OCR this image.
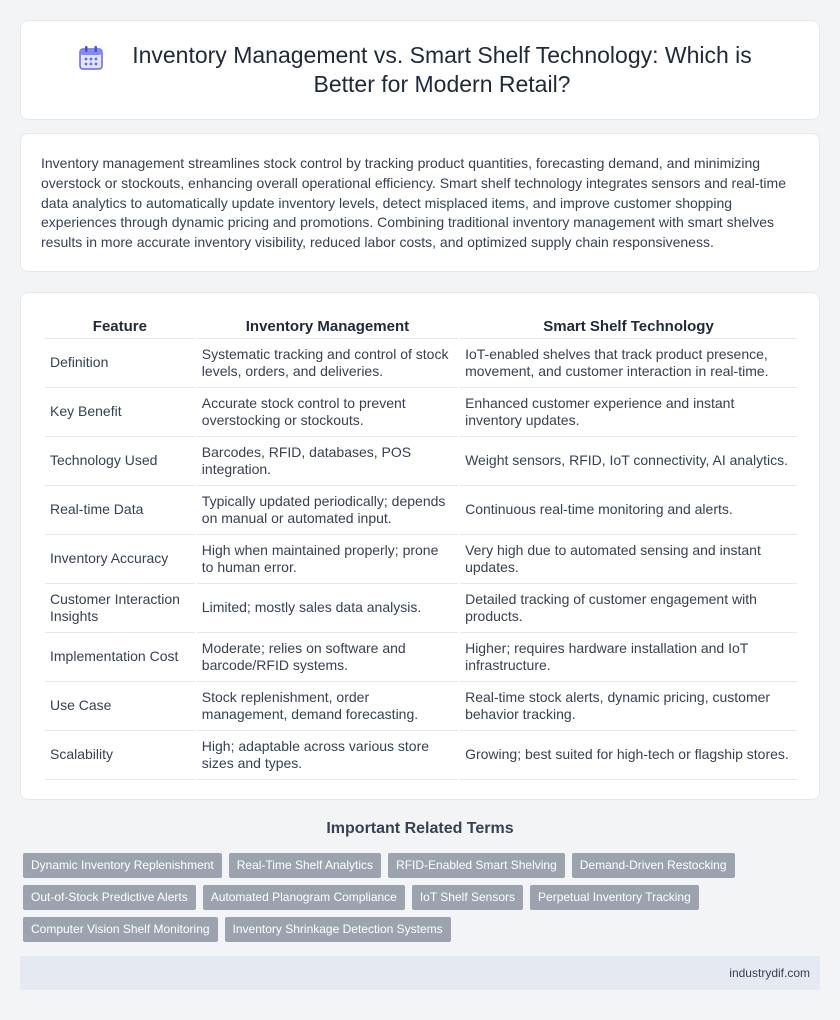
Inventory Management vs. Smart Shelf Technology: Which is Better for Modern Retail?

Inventory management streamlines stock control by tracking product quantities, forecasting demand, and minimizing overstock or stockouts, enhancing overall operational efficiency. Smart shelf technology integrates sensors and real-time data analytics to automatically update inventory levels, detect misplaced items, and improve customer shopping experiences through dynamic pricing and promotions. Combining traditional inventory management with smart shelves results in more accurate inventory visibility, reduced labor costs, and optimized supply chain responsiveness.

Feature	Inventory Management	Smart Shelf Technology
Definition	Systematic tracking and control of stock levels, orders, and deliveries.	IoT-enabled shelves that track product presence, movement, and customer interaction in real-time.
Key Benefit	Accurate stock control to prevent overstocking or stockouts.	Enhanced customer experience and instant inventory updates.
Technology Used	Barcodes, RFID, databases, POS integration.	Weight sensors, RFID, IoT connectivity, AI analytics.
Real-time Data	Typically updated periodically; depends on manual or automated input.	Continuous real-time monitoring and alerts.
Inventory Accuracy	High when maintained properly; prone to human error.	Very high due to automated sensing and instant updates.
Customer Interaction Insights	Limited; mostly sales data analysis.	Detailed tracking of customer engagement with products.
Implementation Cost	Moderate; relies on software and barcode/RFID systems.	Higher; requires hardware installation and IoT infrastructure.
Use Case	Stock replenishment, order management, demand forecasting.	Real-time stock alerts, dynamic pricing, customer behavior tracking.
Scalability	High; adaptable across various store sizes and types.	Growing; best suited for high-tech or flagship stores.
Important Related Terms
Dynamic Inventory Replenishment	Real-Time Shelf Analytics	RFID-Enabled Smart Shelving	Demand-Driven Restocking
Out-of-Stock Predictive Alerts	Automated Planogram Compliance	IoT Shelf Sensors	Perpetual Inventory Tracking
Computer Vision Shelf Monitoring	Inventory Shrinkage Detection Systems
industrydif.com
